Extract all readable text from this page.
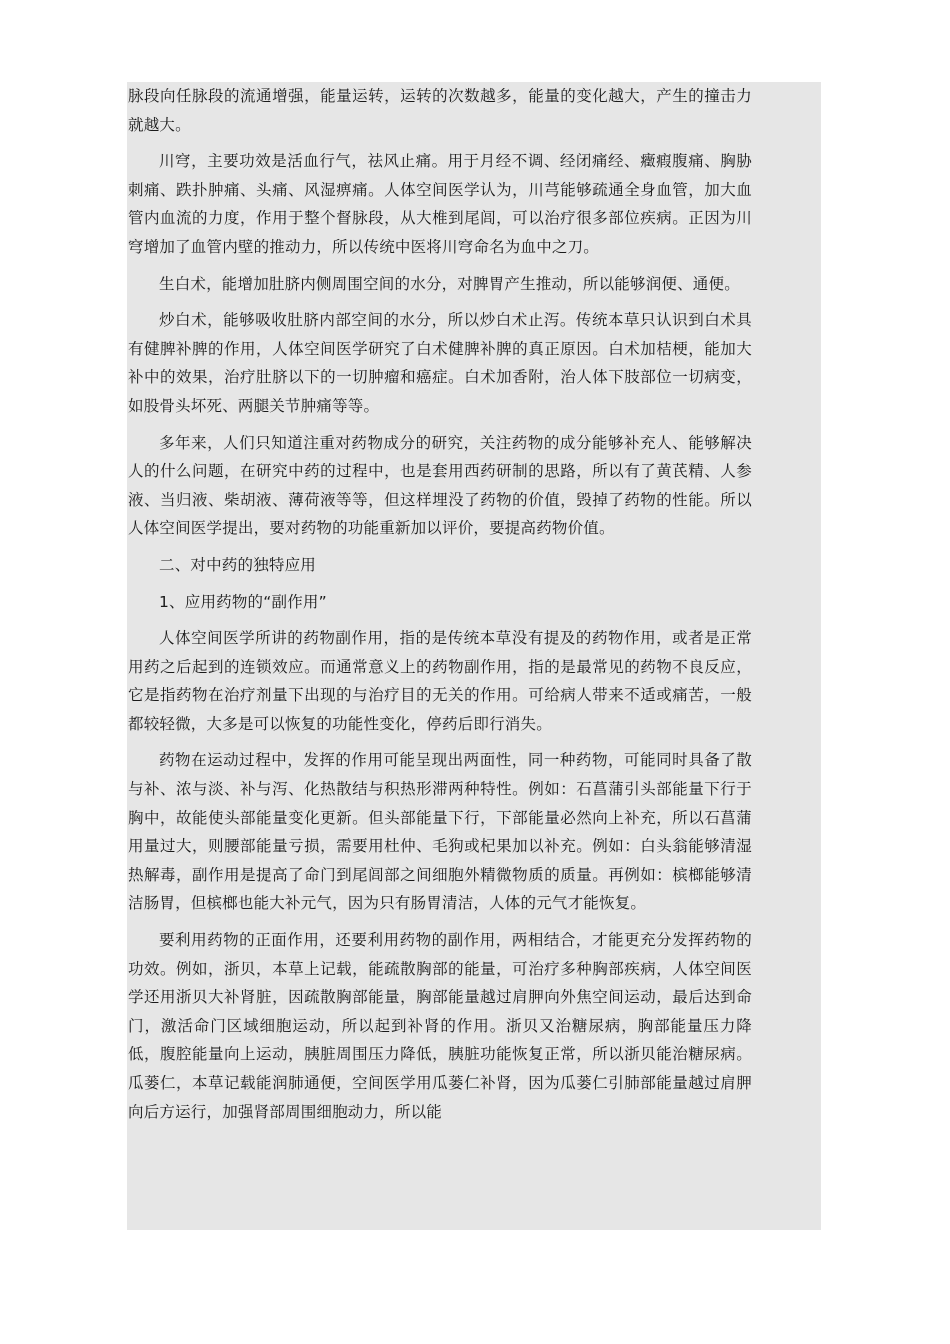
脉段向任脉段的流通增强，能量运转，运转的次数越多，能量的变化越大，产生的撞击力就越大。

川穹，主要功效是活血行气，祛风止痛。用于月经不调、经闭痛经、癥瘕腹痛、胸胁刺痛、跌扑肿痛、头痛、风湿痹痛。人体空间医学认为，川芎能够疏通全身血管，加大血管内血流的力度，作用于整个督脉段，从大椎到尾闾，可以治疗很多部位疾病。正因为川穹增加了血管内壁的推动力，所以传统中医将川穹命名为血中之刀。

生白术，能增加肚脐内侧周围空间的水分，对脾胃产生推动，所以能够润便、通便。

炒白术，能够吸收肚脐内部空间的水分，所以炒白术止泻。传统本草只认识到白术具有健脾补脾的作用，人体空间医学研究了白术健脾补脾的真正原因。白术加桔梗，能加大补中的效果，治疗肚脐以下的一切肿瘤和癌症。白术加香附，治人体下肢部位一切病变，如股骨头坏死、两腿关节肿痛等等。

多年来，人们只知道注重对药物成分的研究，关注药物的成分能够补充人、能够解决人的什么问题，在研究中药的过程中，也是套用西药研制的思路，所以有了黄芪精、人参液、当归液、柴胡液、薄荷液等等，但这样埋没了药物的价值，毁掉了药物的性能。所以人体空间医学提出，要对药物的功能重新加以评价，要提高药物价值。

二、对中药的独特应用

1、应用药物的“副作用”

人体空间医学所讲的药物副作用，指的是传统本草没有提及的药物作用，或者是正常用药之后起到的连锁效应。而通常意义上的药物副作用，指的是最常见的药物不良反应，它是指药物在治疗剂量下出现的与治疗目的无关的作用。可给病人带来不适或痛苦，一般都较轻微，大多是可以恢复的功能性变化，停药后即行消失。

药物在运动过程中，发挥的作用可能呈现出两面性，同一种药物，可能同时具备了散与补、浓与淡、补与泻、化热散结与积热形滞两种特性。例如：石菖蒲引头部能量下行于胸中，故能使头部能量变化更新。但头部能量下行，下部能量必然向上补充，所以石菖蒲用量过大，则腰部能量亏损，需要用杜仲、毛狗或杞果加以补充。例如：白头翁能够清湿热解毒，副作用是提高了命门到尾闾部之间细胞外精微物质的质量。再例如：槟榔能够清洁肠胃，但槟榔也能大补元气，因为只有肠胃清洁，人体的元气才能恢复。

要利用药物的正面作用，还要利用药物的副作用，两相结合，才能更充分发挥药物的功效。例如，浙贝，本草上记载，能疏散胸部的能量，可治疗多种胸部疾病，人体空间医学还用浙贝大补肾脏，因疏散胸部能量，胸部能量越过肩胛向外焦空间运动，最后达到命门，激活命门区域细胞运动，所以起到补肾的作用。浙贝又治糖尿病，胸部能量压力降低，腹腔能量向上运动，胰脏周围压力降低，胰脏功能恢复正常，所以浙贝能治糖尿病。瓜蒌仁，本草记载能润肺通便，空间医学用瓜蒌仁补肾，因为瓜蒌仁引肺部能量越过肩胛向后方运行，加强肾部周围细胞动力，所以能
